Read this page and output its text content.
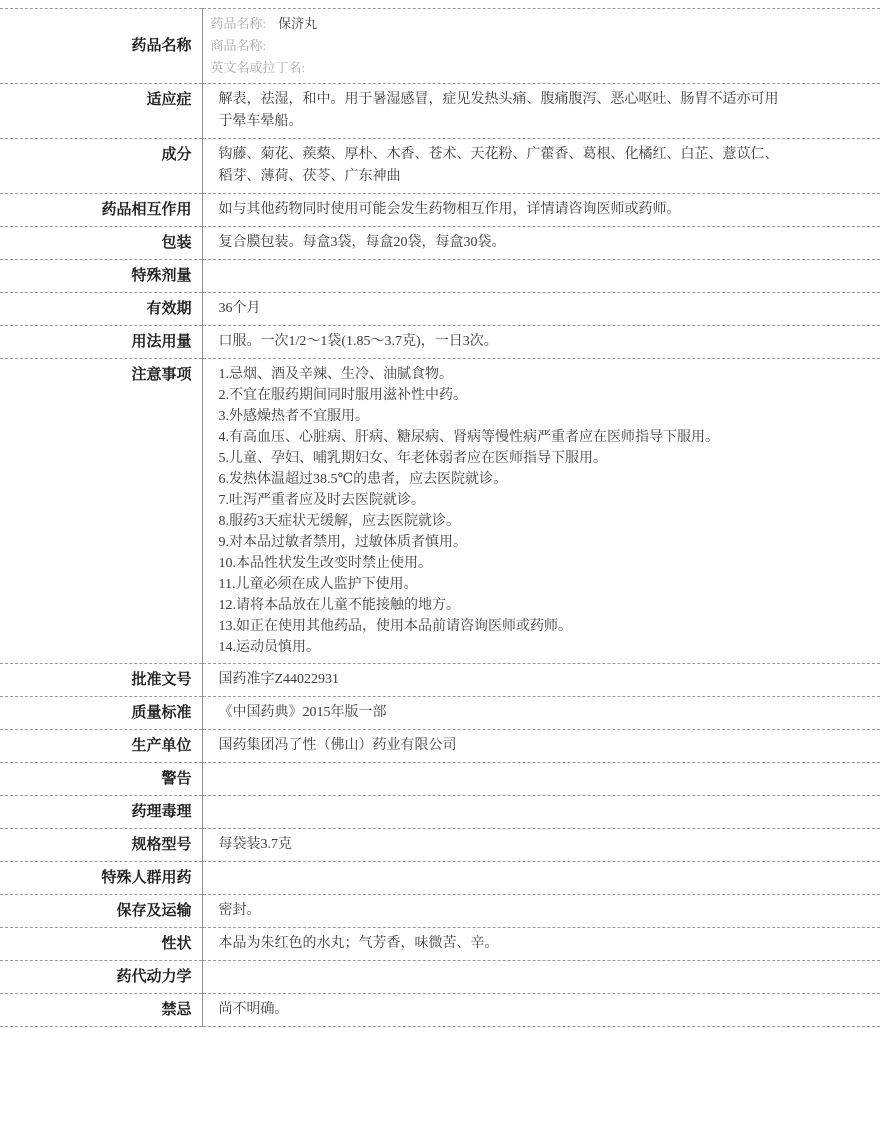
药品名称	药品名称: 保济丸
商品名称:
英文名或拉丁名:

适应症	解表，祛湿，和中。用于暑湿感冒，症见发热头痛、腹痛腹泻、恶心呕吐、肠胃不适亦可用
于晕车晕船。

成分	钩藤、菊花、蒺蔾、厚朴、木香、苍术、天花粉、广藿香、葛根、化橘红、白芷、薏苡仁、
稻芽、薄荷、茯苓、广东神曲

药品相互作用	如与其他药物同时使用可能会发生药物相互作用，详情请咨询医师或药师。

包装	复合膜包装。每盒3袋，每盒20袋，每盒30袋。

特殊剂量	
有效期	36个月

用法用量	口服。一次1/2～1袋(1.85～3.7克)，一日3次。

注意事项	1.忌烟、酒及辛辣、生冷、油腻食物。
2.不宜在服药期间同时服用滋补性中药。
3.外感燥热者不宜服用。
4.有高血压、心脏病、肝病、糖尿病、肾病等慢性病严重者应在医师指导下服用。
5.儿童、孕妇、哺乳期妇女、年老体弱者应在医师指导下服用。
6.发热体温超过38.5℃的患者，应去医院就诊。
7.吐泻严重者应及时去医院就诊。
8.服药3天症状无缓解，应去医院就诊。
9.对本品过敏者禁用，过敏体质者慎用。
10.本品性状发生改变时禁止使用。
11.儿童必须在成人监护下使用。
12.请将本品放在儿童不能接触的地方。
13.如正在使用其他药品，使用本品前请咨询医师或药师。
14.运动员慎用。

批准文号	国药准字Z44022931

质量标准	《中国药典》2015年版一部

生产单位	国药集团冯了性（佛山）药业有限公司

警告	
药理毒理	
规格型号	每袋装3.7克

特殊人群用药	
保存及运输	密封。

性状	本品为朱红色的水丸；气芳香，味微苦、辛。

药代动力学	
禁忌	尚不明确。
